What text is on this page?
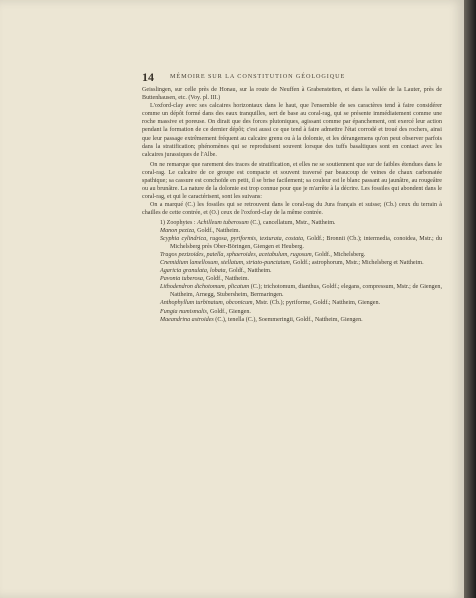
14	MÉMOIRE SUR LA CONSTITUTION GÉOLOGIQUE

Geisslingen, sur celle près de Honau, sur la route de Neuffen à Grabenstetten, et dans la vallée de la Lauter, près de Buttenhausen, etc. (Voy. pl. III.)

L'oxford-clay avec ses calcaires horizontaux dans le haut, que l'ensemble de ses caractères tend à faire considérer comme un dépôt formé dans des eaux tranquilles, sert de base au coral-rag, qui se présente immédiatement comme une roche massive et poreuse. On dirait que des forces plutoniques, agissant comme par épanchement, ont exercé leur action pendant la formation de ce dernier dépôt; c'est aussi ce que tend à faire admettre l'état corrodé et troué des rochers, ainsi que leur passage extrêmement fréquent au calcaire grenu ou à la dolomie, et les dérangemens qu'on peut observer parfois dans la stratification; phénomènes qui se reproduisent souvent lorsque des tuffs basaltiques sont en contact avec les calcaires jurassiques de l'Albe.

On ne remarque que rarement des traces de stratification, et elles ne se soutiennent que sur de faibles étendues dans le coral-rag. Le calcaire de ce groupe est compacte et souvent traversé par beaucoup de veines de chaux carbonatée spathique; sa cassure est conchoïde en petit, il se brise facilement; sa couleur est le blanc passant au jaunâtre, au rougeâtre ou au brunâtre. La nature de la dolomie est trop connue pour que je m'arrête à la décrire. Les fossiles qui abondent dans le coral-rag, et qui le caractérisent, sont les suivans:

On a marqué (C.) les fossiles qui se retrouvent dans le coral-rag du Jura français et suisse; (Cb.) ceux du terrain à chailles de cette contrée, et (O.) ceux de l'oxford-clay de la même contrée.

1) Zoophytes : Achilleum tuberosum (C.), cancellatum, Mstr., Nattheim.

Manon peziza, Goldf., Nattheim.

Scyphia cylindrica, rugosa, pyriformis, texturata, costata, Goldf.; Bronnii (Cb.); intermedia, conoidea, Mstr.; du Michelsberg près Ober-Böringen, Giengen et Heuberg.

Tragos pezizoides, patella, sphaeroides, acetabulum, rugosum, Goldf., Michelsberg.

Cnemidium lamellosum, stellatum, striato-punctatum, Goldf.; astrophorum, Mstr.; Michelsberg et Nattheim.

Agaricia granulata, lobata, Goldf., Nattheim.

Pavonia tuberosa, Goldf., Nattheim.

Lithodendron dichotomum, plicatum (C.); trichotomum, dianthus, Goldf.; elegans, compressum, Mstr.; de Giengen, Nattheim, Arnegg, Stubersheim, Bermaringen.

Anthophyllum turbinatum, obconicum, Mstr. (Cb.); pyriforme, Goldf.; Nattheim, Giengen.

Fungia numismalis, Goldf., Giengen.

Maeandrina astroides (C.), tenella (C.), Soemmeringii, Goldf., Nattheim, Giengen.
